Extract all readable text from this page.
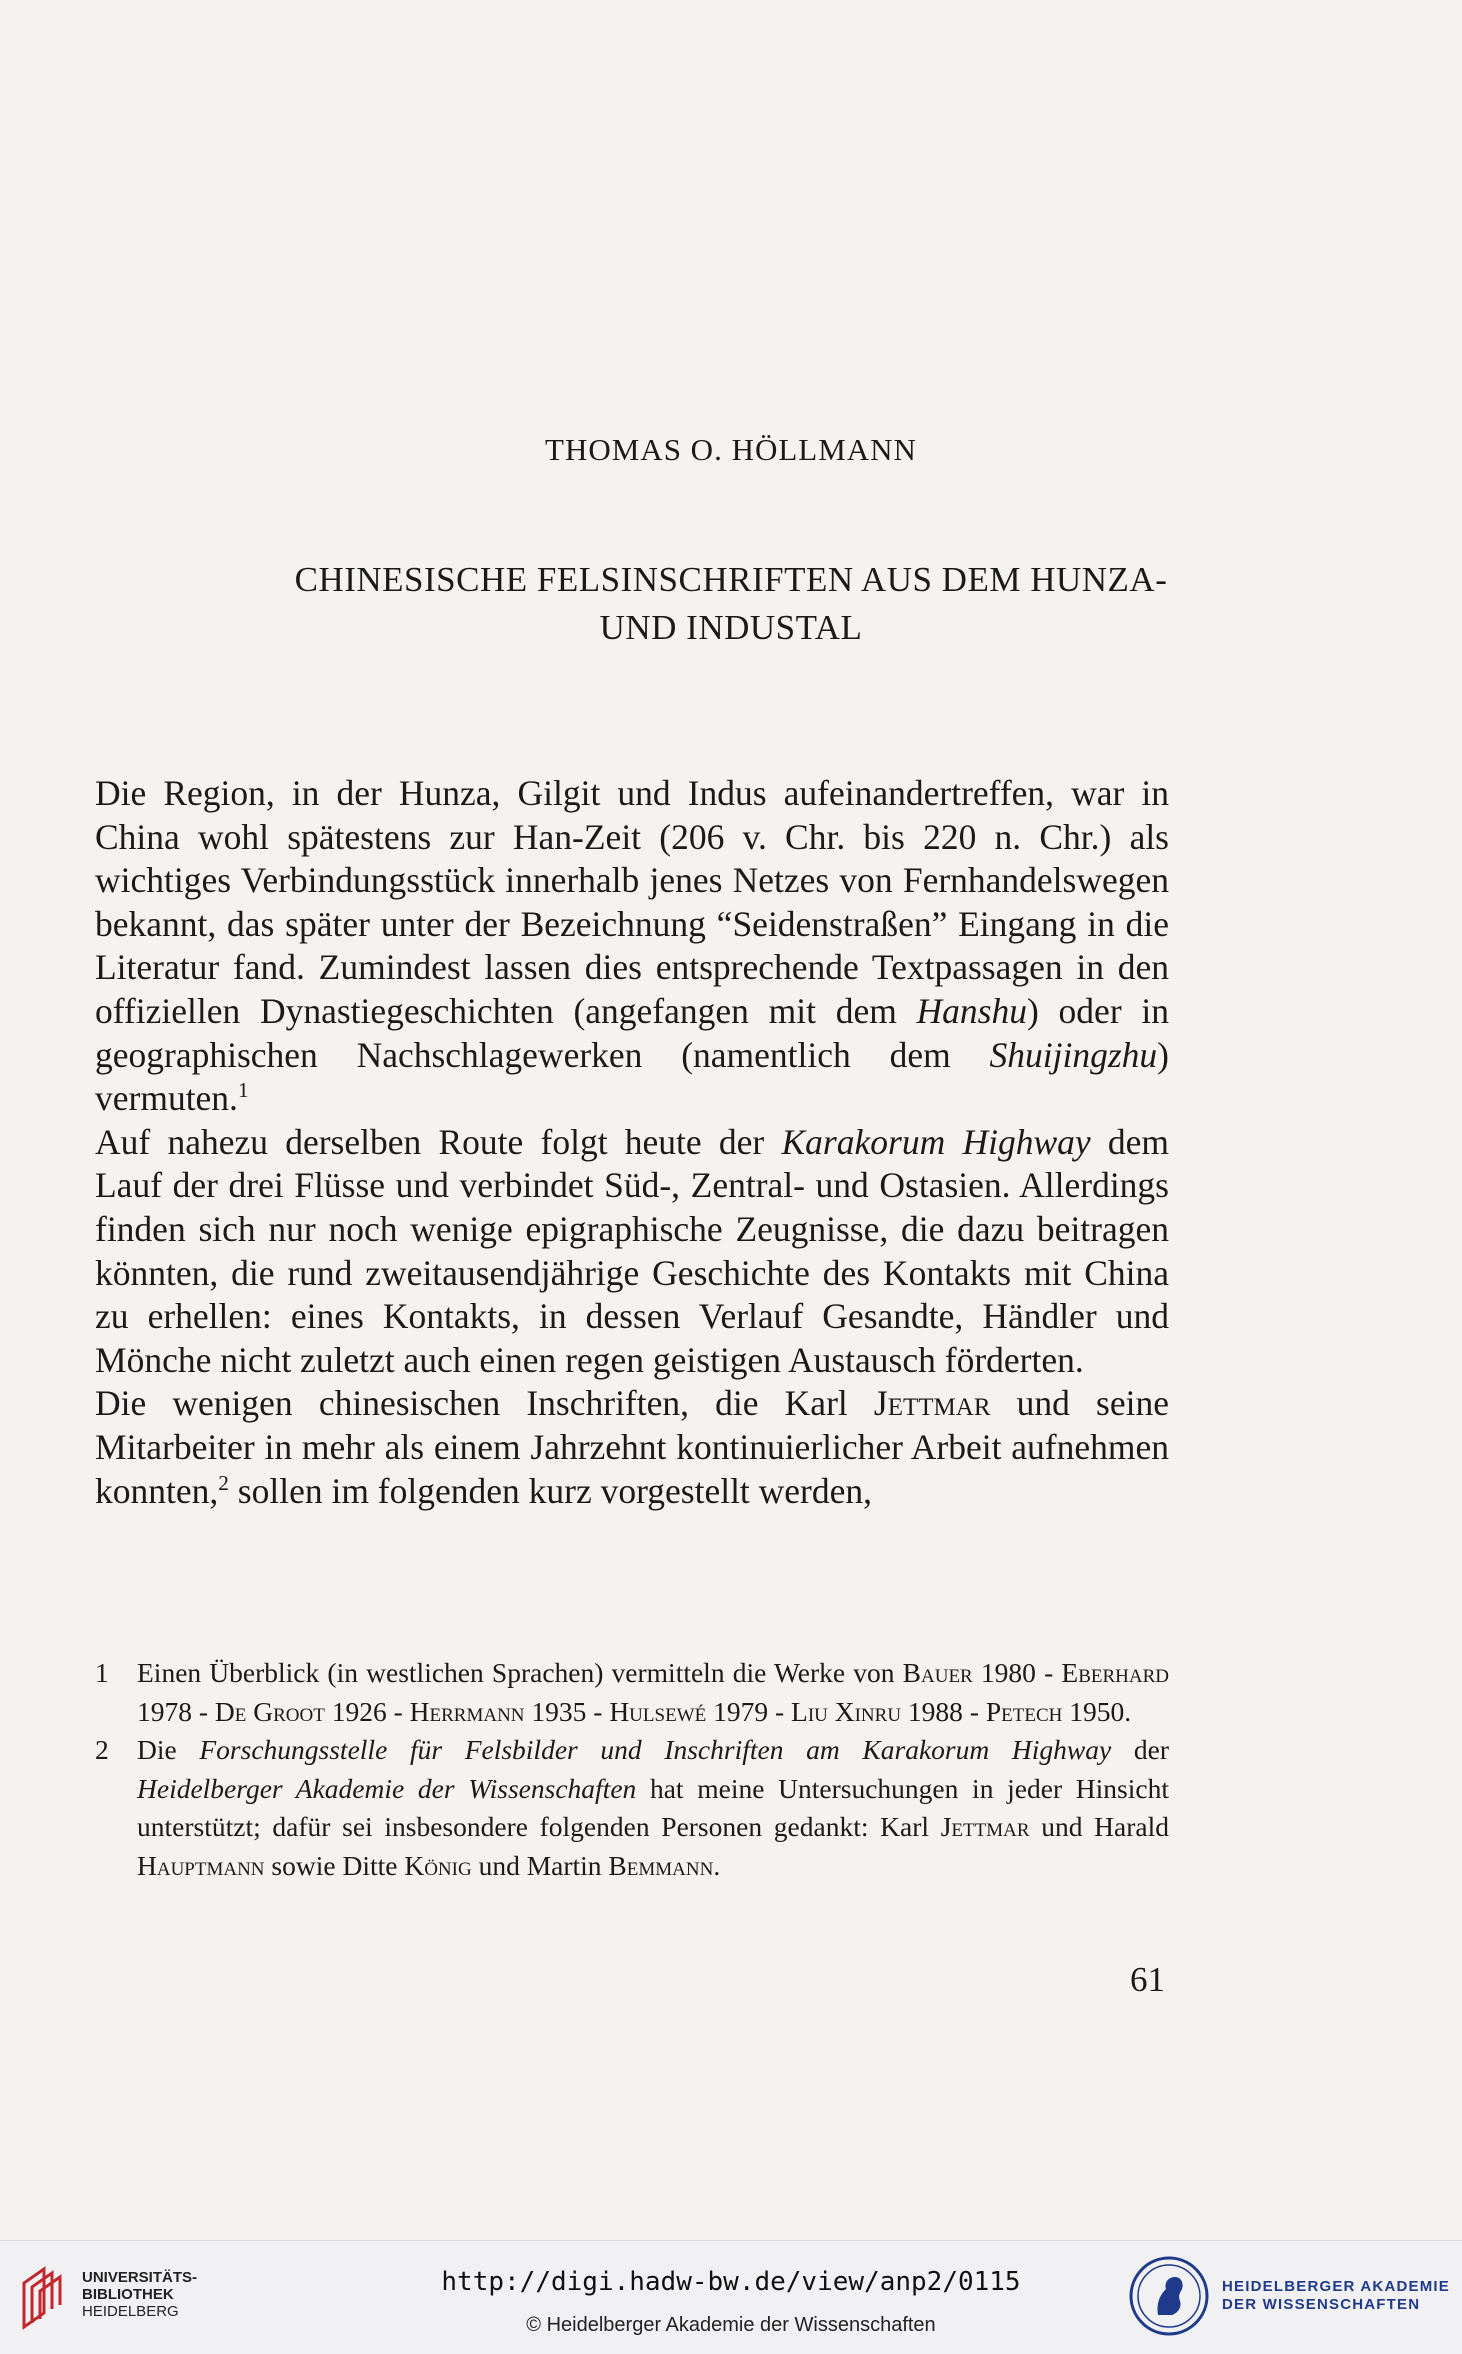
THOMAS O. HÖLLMANN
CHINESISCHE FELSINSCHRIFTEN AUS DEM HUNZA-
UND INDUSTAL

Die Region, in der Hunza, Gilgit und Indus aufeinandertreffen, war in China wohl spätestens zur Han-Zeit (206 v. Chr. bis 220 n. Chr.) als wichtiges Verbindungsstück innerhalb jenes Netzes von Fernhandelswegen bekannt, das später unter der Bezeichnung “Seidenstraßen” Eingang in die Literatur fand. Zumindest lassen dies entsprechende Textpassagen in den offiziellen Dynastiegeschichten (angefangen mit dem Hanshu) oder in geographischen Nachschlagewerken (namentlich dem Shuijingzhu) vermuten.$^1$

Auf nahezu derselben Route folgt heute der Karakorum Highway dem Lauf der drei Flüsse und verbindet Süd-, Zentral- und Ostasien. Allerdings finden sich nur noch wenige epigraphische Zeugnisse, die dazu beitragen könnten, die rund zweitausendjährige Geschichte des Kontakts mit China zu erhellen: eines Kontakts, in dessen Verlauf Gesandte, Händler und Mönche nicht zuletzt auch einen regen geistigen Austausch förderten.

Die wenigen chinesischen Inschriften, die Karl Jettmar und seine Mitarbeiter in mehr als einem Jahrzehnt kontinuierlicher Arbeit aufnehmen konnten,$^2$ sollen im folgenden kurz vorgestellt werden,

1 Einen Überblick (in westlichen Sprachen) vermitteln die Werke von Bauer 1980 - Eberhard 1978 - De Groot 1926 - Herrmann 1935 - Hulsewé 1979 - Liu Xinru 1988 - Petech 1950.
2 Die Forschungsstelle für Felsbilder und Inschriften am Karakorum Highway der Heidelberger Akademie der Wissenschaften hat meine Untersuchungen in jeder Hinsicht unterstützt; dafür sei insbesondere folgenden Personen gedankt: Karl Jettmar und Harald Hauptmann sowie Ditte König und Martin Bemmann.
61
UNIVERSITÄTS-
BIBLIOTHEK
HEIDELBERG
http://digi.hadw-bw.de/view/anp2/0115
© Heidelberger Akademie der Wissenschaften
HEIDELBERGER AKADEMIE
DER WISSENSCHAFTEN
